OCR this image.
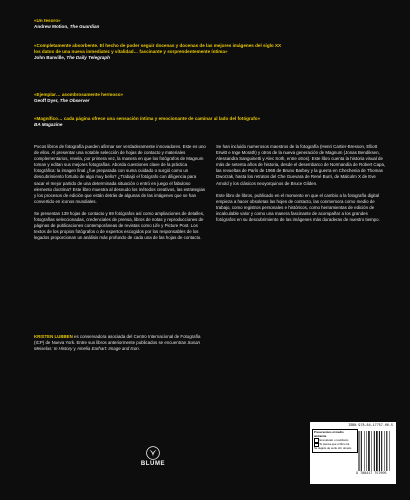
«Un tesoro»
Andrew Motion, The Guardian
«Completamente absorbente. El hecho de poder seguir docenas y docenas de las mejores imágenes del siglo XX los datos de una nueva inmediatez y vitalidad… fascinante y sorprendentemente íntima»
John Banville, The Daily Telegraph
«Ejemplar… asombrosamente hermoso»
Geoff Dyer, The Observer
«Magnífico… cada página ofrece una sensación íntima y emocionante de caminar al lado del fotógrafo»
BA Magazine

Pocos libros de fotografía pueden afirmar ser verdaderamente innovadores. Este es uno de ellos. Al presentar una notable selección de hojas de contacto y materiales complementarios, revela, por primera vez, la manera en que los fotógrafos de Magnum toman y editan sus mejores fotografías. Aborda cuestiones clave de la práctica fotográfica: la imagen final ¿fue preparada con suma cuidado o surgió como un descubrimiento fortuito de algo muy bello? ¿Trabajó el fotógrafo con diligencia para sacar el mejor partido de una determinada situación o entró en juego el fabuloso elemento doctrina? Este libro muestra al desnudo los métodos creativos, las estrategias y los procesos de edición que están detrás de algunas de las imágenes que se han convertido en iconos mundiales.

Se presentan 139 hojas de contacto y 69 fotógrafos así como ampliaciones de detalles, fotografías seleccionadas, credenciales de prensa, libros de notas y reproducciones de páginas de publicaciones contemporáneas de revistas como Life y Picture Post. Los textos de los propios fotógrafos o de expertos escogidos por los responsables de los legados proporcionan un análisis más profundo de cada una de las hojas de contacto.

Se han incluido numerosos maestros de la fotografía (Henri Cartier-Bresson, Elliott Erwitt e Inge Morath) y otros de la nueva generación de Magnum (Jonas Bendiksen, Alessandra Sanguinetti y Alec Soth, entre otros). Este libro cuenta la historia visual de más de setenta años de historia, desde el desembarco de Normandía de Robert Capa, las revueltas de París de 1968 de Bruno Barbey y la guerra en Chechenia de Thomas Dworzak, hasta los retratos del Che Guevara de René Burri, de Malcolm X de Eve Arnold y los clásicos neoyorquinos de Bruce Gilden.

Este libro de libros, publicado en el momento en que el cambio a la fotografía digital empieza a hacer obsoletas las hojes de contacto, las conmemora como medio de trabajo, como registros personales e históricos, como herramientas de edición de incalculable valor y como una manera fascinante de acompañar a los grandes fotógrafos en su descubrimiento de las imágenes más duraderas de nuestro tiempo.

KRISTEN LUBBEN es conservadora asociada del Centro Internacional de Fotografía (ICP) de Nueva York. Entre sus libros anteriormente publicados se encuentran Susan Meiselas: In History y Amelia Earhart: Image and Icon.
BLUME
ISBN 978-84-17757-00-5
Preservemos el medio ambiente
Envuélvalo o reutilícelo
Si piensa que el libro ha
ha dejado de serle útil, donelo
9 788417 757005
